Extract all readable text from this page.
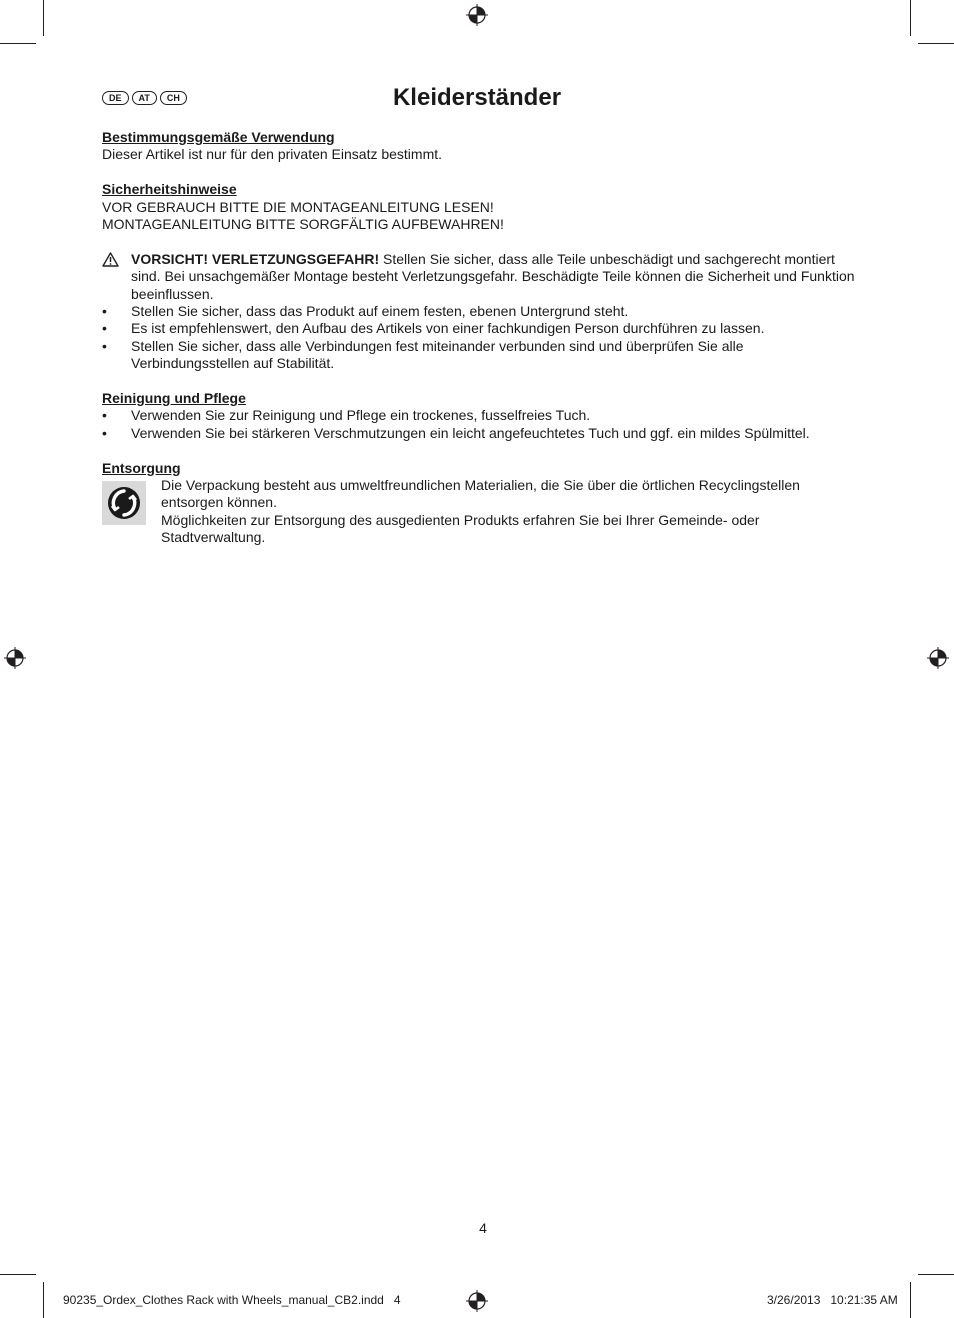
DE	AT	CH	Kleiderständer

Bestimmungsgemäße Verwendung

Dieser Artikel ist nur für den privaten Einsatz bestimmt.

Sicherheitshinweise

VOR GEBRAUCH BITTE DIE MONTAGEANLEITUNG LESEN!

MONTAGEANLEITUNG BITTE SORGFÄLTIG AUFBEWAHREN!

VORSICHT! VERLETZUNGSGEFAHR! Stellen Sie sicher, dass alle Teile unbeschädigt und sachgerecht montiert sind. Bei unsachgemäßer Montage besteht Verletzungsgefahr. Beschädigte Teile können die Sicherheit und Funktion beeinflussen.
•	Stellen Sie sicher, dass das Produkt auf einem festen, ebenen Untergrund steht.
•	Es ist empfehlenswert, den Aufbau des Artikels von einer fachkundigen Person durchführen zu lassen.
•	Stellen Sie sicher, dass alle Verbindungen fest miteinander verbunden sind und überprüfen Sie alle Verbindungsstellen auf Stabilität.

Reinigung und Pflege

•	Verwenden Sie zur Reinigung und Pflege ein trockenes, fusselfreies Tuch.
•	Verwenden Sie bei stärkeren Verschmutzungen ein leicht angefeuchtetes Tuch und ggf. ein mildes Spülmittel.

Entsorgung

Die Verpackung besteht aus umweltfreundlichen Materialien, die Sie über die örtlichen Recyclingstellen entsorgen können.

Möglichkeiten zur Entsorgung des ausgedienten Produkts erfahren Sie bei Ihrer Gemeinde- oder Stadtverwaltung.

4
90235_Ordex_Clothes Rack with Wheels_manual_CB2.indd   4	3/26/2013   10:21:35 AM
